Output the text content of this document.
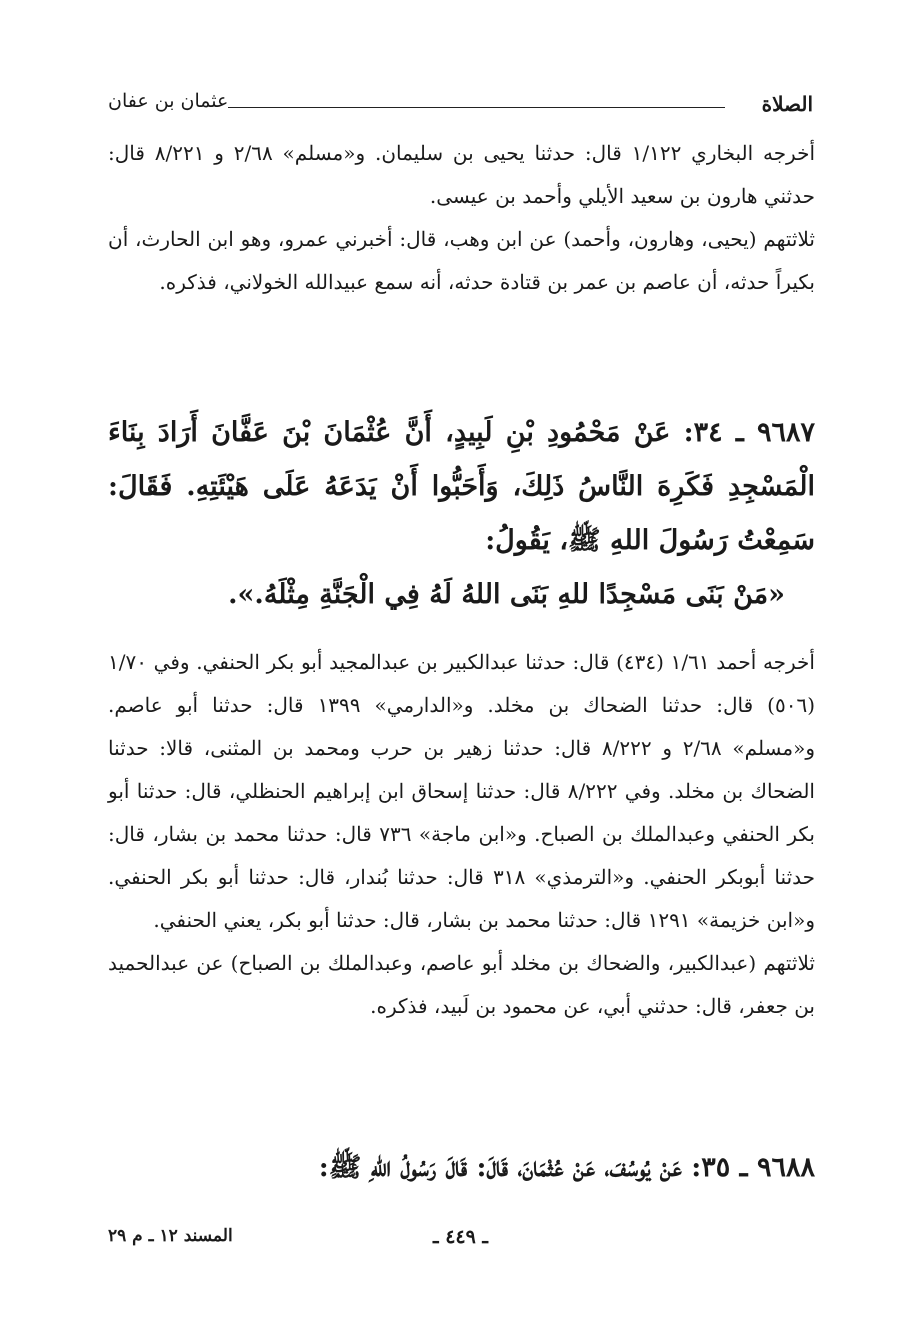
الصلاة
عثمان بن عفان

أخرجه البخاري ١/١٢٢ قال: حدثنا يحيى بن سليمان. و«مسلم» ٢/٦٨ و ٨/٢٢١ قال: حدثني هارون بن سعيد الأيلي وأحمد بن عيسى.

ثلاثتهم (يحيى، وهارون، وأحمد) عن ابن وهب، قال: أخبرني عمرو، وهو ابن الحارث، أن بكيراً حدثه، أن عاصم بن عمر بن قتادة حدثه، أنه سمع عبيدالله الخولاني، فذكره.

٩٦٨٧ ـ ٣٤: عَنْ مَحْمُودِ بْنِ لَبِيدٍ، أَنَّ عُثْمَانَ بْنَ عَفَّانَ أَرَادَ بِنَاءَ الْمَسْجِدِ فَكَرِهَ النَّاسُ ذَلِكَ، وَأَحَبُّوا أَنْ يَدَعَهُ عَلَى هَيْئَتِهِ. فَقَالَ: سَمِعْتُ رَسُولَ اللهِ ﷺ، يَقُولُ:

«مَنْ بَنَى مَسْجِدًا للهِ بَنَى اللهُ لَهُ فِي الْجَنَّةِ مِثْلَهُ.».

أخرجه أحمد ١/٦١ (٤٣٤) قال: حدثنا عبدالكبير بن عبدالمجيد أبو بكر الحنفي. وفي ١/٧٠ (٥٠٦) قال: حدثنا الضحاك بن مخلد. و«الدارمي» ١٣٩٩ قال: حدثنا أبو عاصم. و«مسلم» ٢/٦٨ و ٨/٢٢٢ قال: حدثنا زهير بن حرب ومحمد بن المثنى، قالا: حدثنا الضحاك بن مخلد. وفي ٨/٢٢٢ قال: حدثنا إسحاق ابن إبراهيم الحنظلي، قال: حدثنا أبو بكر الحنفي وعبدالملك بن الصباح. و«ابن ماجة» ٧٣٦ قال: حدثنا محمد بن بشار، قال: حدثنا أبوبكر الحنفي. و«الترمذي» ٣١٨ قال: حدثنا بُندار، قال: حدثنا أبو بكر الحنفي. و«ابن خزيمة» ١٢٩١ قال: حدثنا محمد بن بشار، قال: حدثنا أبو بكر، يعني الحنفي.

ثلاثتهم (عبدالكبير، والضحاك بن مخلد أبو عاصم، وعبدالملك بن الصباح) عن عبدالحميد بن جعفر، قال: حدثني أبي، عن محمود بن لَبيد، فذكره.

٩٦٨٨ ـ ٣٥: عَنْ يُوسُفَ، عَنْ عُثْمَانَ، قَالَ: قَالَ رَسُولُ اللهِ ﷺ:

ـ ٤٤٩ ـ
المسند ١٢ ـ م ٢٩
